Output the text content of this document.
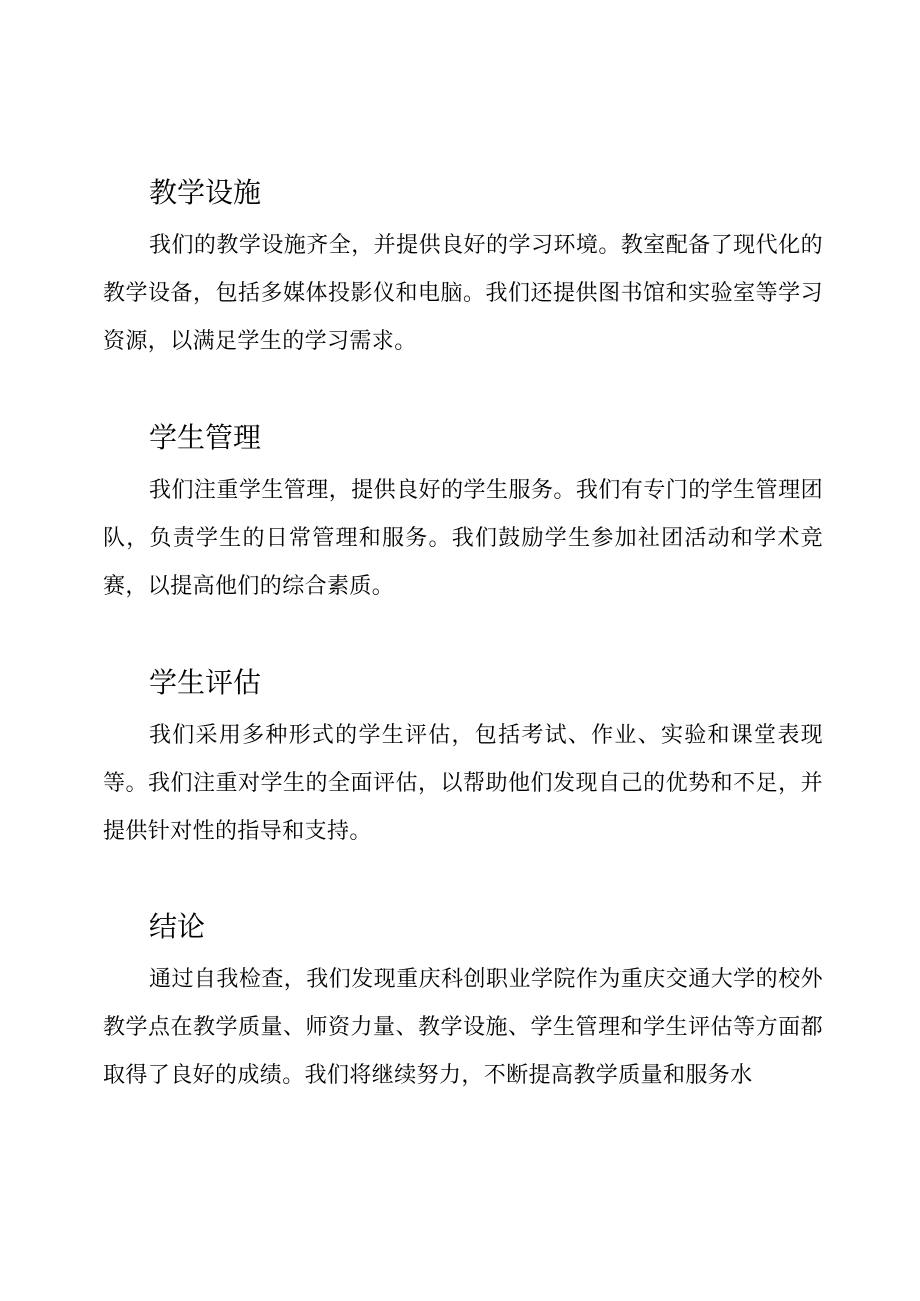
教学设施

我们的教学设施齐全，并提供良好的学习环境。教室配备了现代化的教学设备，包括多媒体投影仪和电脑。我们还提供图书馆和实验室等学习资源，以满足学生的学习需求。

学生管理

我们注重学生管理，提供良好的学生服务。我们有专门的学生管理团队，负责学生的日常管理和服务。我们鼓励学生参加社团活动和学术竞赛，以提高他们的综合素质。

学生评估

我们采用多种形式的学生评估，包括考试、作业、实验和课堂表现等。我们注重对学生的全面评估，以帮助他们发现自己的优势和不足，并提供针对性的指导和支持。

结论

通过自我检查，我们发现重庆科创职业学院作为重庆交通大学的校外教学点在教学质量、师资力量、教学设施、学生管理和学生评估等方面都取得了良好的成绩。我们将继续努力，不断提高教学质量和服务水
